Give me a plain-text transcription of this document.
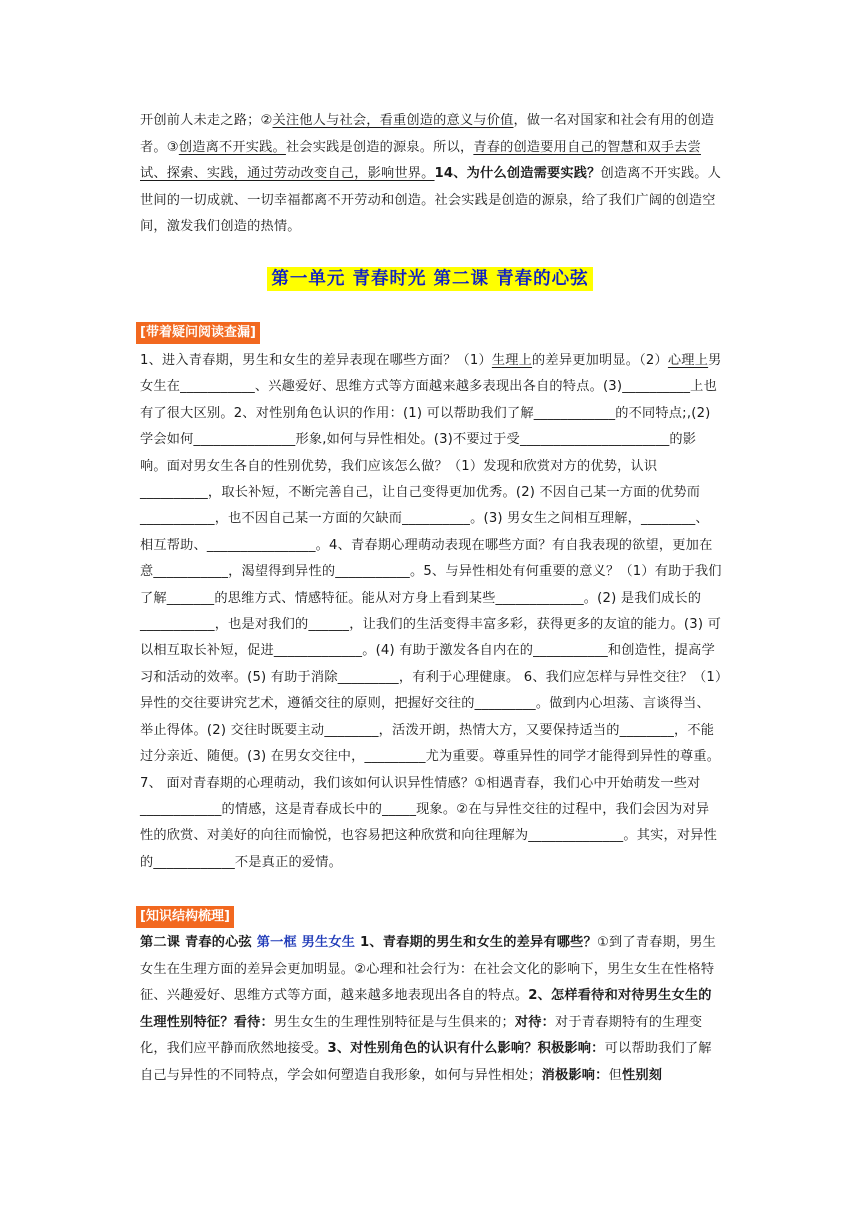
开创前人未走之路；②关注他人与社会，看重创造的意义与价值，做一名对国家和社会有用的创造者。③创造离不开实践。社会实践是创造的源泉。所以，青春的创造要用自己的智慧和双手去尝试、探索、实践，通过劳动改变自己，影响世界。14、为什么创造需要实践？创造离不开实践。人世间的一切成就、一切幸福都离不开劳动和创造。社会实践是创造的源泉，给了我们广阔的创造空间，激发我们创造的热情。
第一单元 青春时光 第二课 青春的心弦
[带着疑问阅读查漏]
1、进入青春期，男生和女生的差异表现在哪些方面？（1）生理上的差异更加明显。（2）心理上男女生在___________、兴趣爱好、思维方式等方面越来越多表现出各自的特点。(3)__________上也有了很大区别。2、对性别角色认识的作用：(1) 可以帮助我们了解____________的不同特点;,(2)学会如何_______________形象,如何与异性相处。(3)不要过于受______________________的影响。面对男女生各自的性别优势，我们应该怎么做？（1）发现和欣赏对方的优势，认识__________，取长补短，不断完善自己，让自己变得更加优秀。(2) 不因自己某一方面的优势而___________，也不因自己某一方面的欠缺而__________。(3) 男女生之间相互理解，________、相互帮助、________________。4、青春期心理萌动表现在哪些方面？有自我表现的欲望，更加在意___________，渴望得到异性的___________。5、与异性相处有何重要的意义？（1）有助于我们了解_______的思维方式、情感特征。能从对方身上看到某些_____________。(2) 是我们成长的___________，也是对我们的______，让我们的生活变得丰富多彩，获得更多的友谊的能力。(3) 可以相互取长补短，促进_____________。(4) 有助于激发各自内在的___________和创造性，提高学习和活动的效率。(5) 有助于消除_________，有利于心理健康。 6、我们应怎样与异性交往？（1）异性的交往要讲究艺术，遵循交往的原则，把握好交往的_________。做到内心坦荡、言谈得当、举止得体。(2) 交往时既要主动________，活泼开朗，热情大方，又要保持适当的________，不能过分亲近、随便。(3) 在男女交往中，_________尤为重要。尊重异性的同学才能得到异性的尊重。7、 面对青春期的心理萌动，我们该如何认识异性情感？①相遇青春，我们心中开始萌发一些对____________的情感，这是青春成长中的_____现象。②在与异性交往的过程中，我们会因为对异性的欣赏、对美好的向往而愉悦，也容易把这种欣赏和向往理解为______________。其实，对异性的____________不是真正的爱情。
[知识结构梳理]
第二课 青春的心弦 第一框 男生女生 1、青春期的男生和女生的差异有哪些？①到了青春期，男生女生在生理方面的差异会更加明显。②心理和社会行为：在社会文化的影响下，男生女生在性格特征、兴趣爱好、思维方式等方面，越来越多地表现出各自的特点。2、怎样看待和对待男生女生的生理性别特征？看待：男生女生的生理性别特征是与生俱来的；对待：对于青春期特有的生理变化，我们应平静而欣然地接受。3、对性别角色的认识有什么影响？积极影响：可以帮助我们了解自己与异性的不同特点，学会如何塑造自我形象，如何与异性相处；消极影响：但性别刻
